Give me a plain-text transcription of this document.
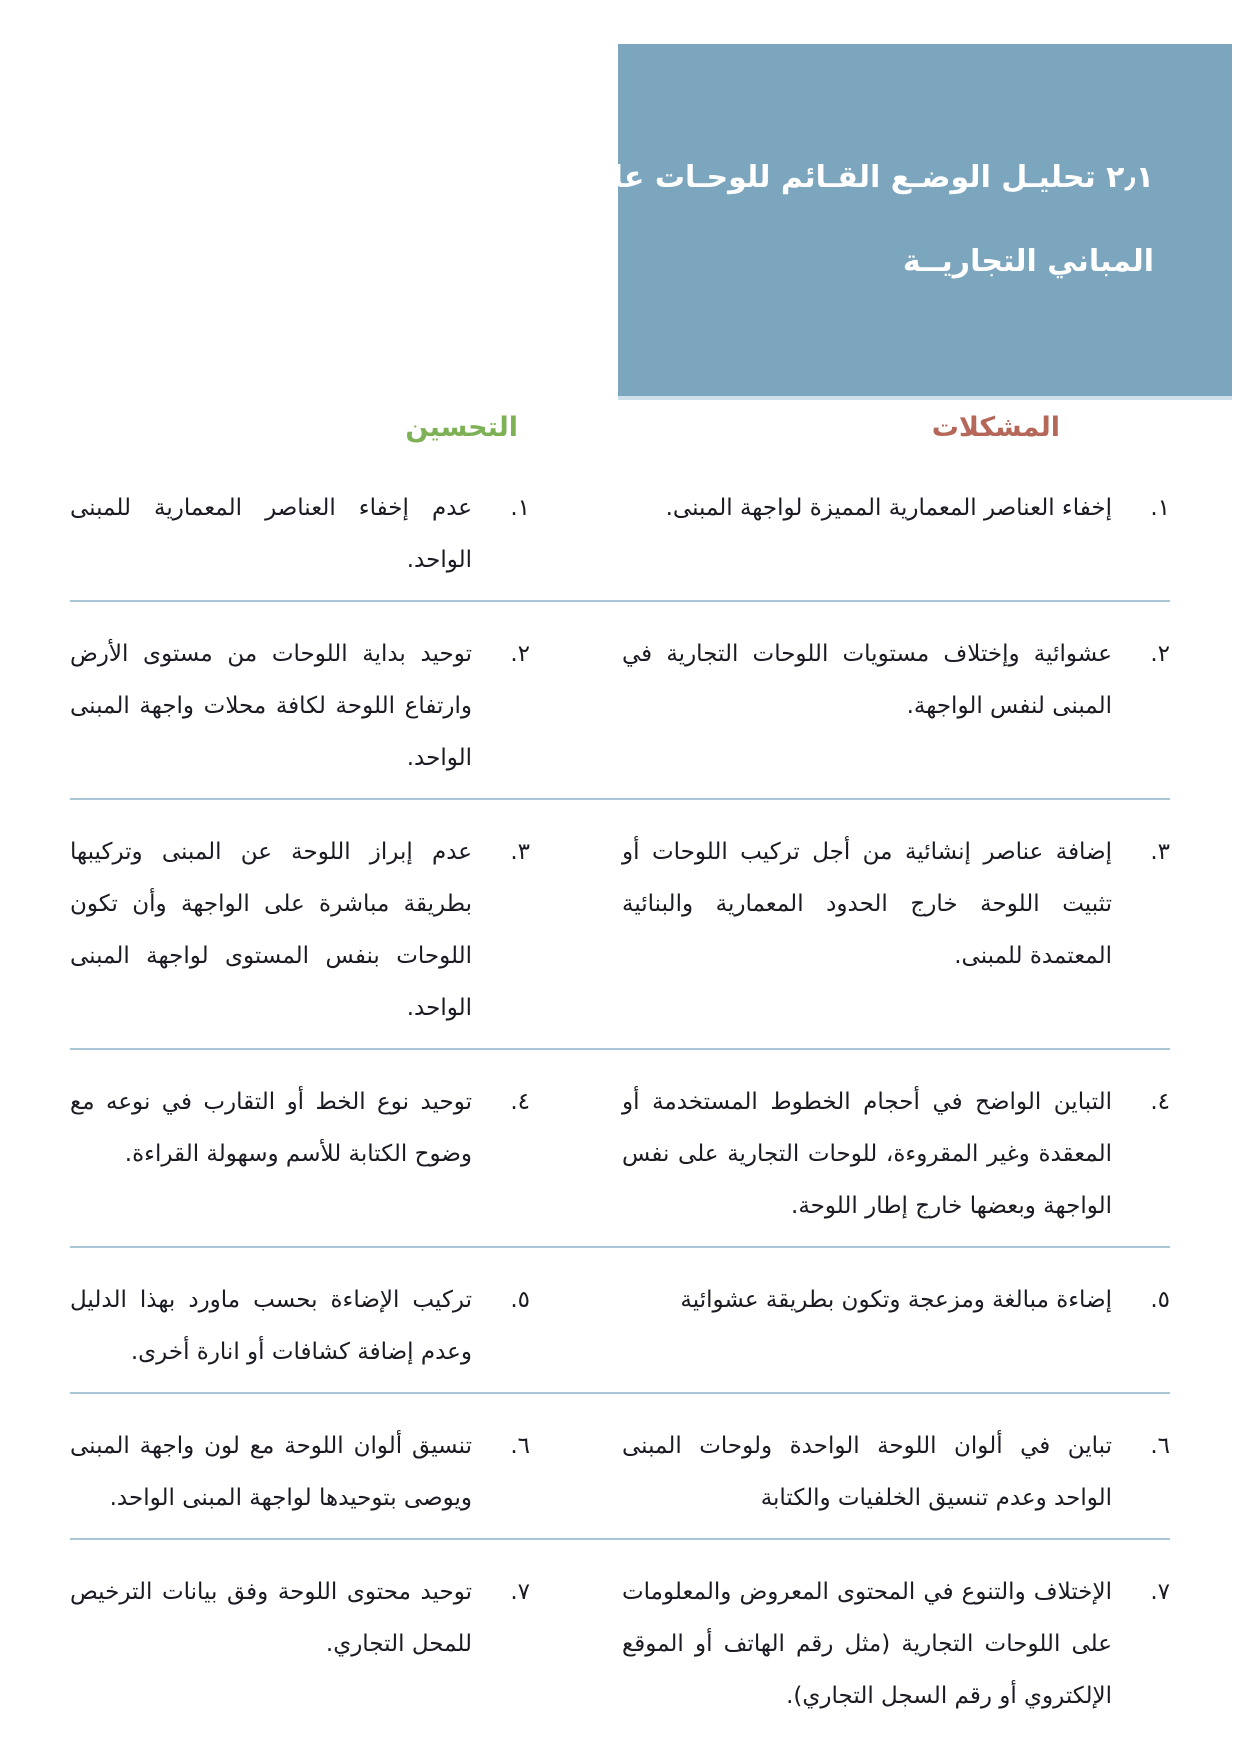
٢٫١ تحليـل الوضـع القـائم للوحـات علــى
المباني التجاريــة
المشكلات
التحسين
١.
إخفاء العناصر المعمارية المميزة لواجهة المبنى.
١.
عدم إخفاء العناصر المعمارية للمبنى الواحد.
٢.
عشوائية وإختلاف مستويات اللوحات التجارية في المبنى لنفس الواجهة.
٢.
توحيد بداية اللوحات من مستوى الأرض وارتفاع اللوحة لكافة محلات واجهة المبنى الواحد.
٣.
إضافة عناصر إنشائية من أجل تركيب اللوحات أو تثبيت اللوحة خارج الحدود المعمارية والبنائية المعتمدة للمبنى.
٣.
عدم إبراز اللوحة عن المبنى وتركيبها بطريقة مباشرة على الواجهة وأن تكون اللوحات بنفس المستوى لواجهة المبنى الواحد.
٤.
التباين الواضح في أحجام الخطوط المستخدمة أو المعقدة وغير المقروءة، للوحات التجارية على نفس الواجهة وبعضها خارج إطار اللوحة.
٤.
توحيد نوع الخط أو التقارب في نوعه مع وضوح الكتابة للأسم وسهولة القراءة.
٥.
إضاءة مبالغة ومزعجة وتكون بطريقة عشوائية
٥.
تركيب الإضاءة بحسب ماورد بهذا الدليل وعدم إضافة كشافات أو انارة أخرى.
٦.
تباين في ألوان اللوحة الواحدة ولوحات المبنى الواحد وعدم تنسيق الخلفيات والكتابة
٦.
تنسيق ألوان اللوحة مع لون واجهة المبنى ويوصى بتوحيدها لواجهة المبنى الواحد.
٧.
الإختلاف والتنوع في المحتوى المعروض والمعلومات على اللوحات التجارية (مثل رقم الهاتف أو الموقع الإلكتروي أو رقم السجل التجاري).
٧.
توحيد محتوى اللوحة وفق بيانات الترخيص للمحل التجاري.
